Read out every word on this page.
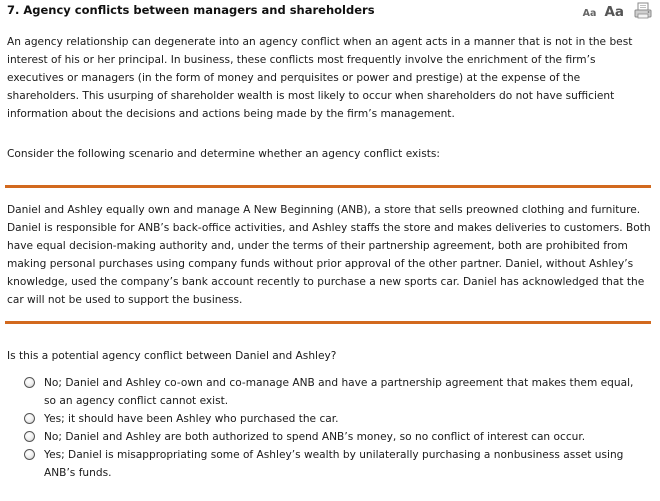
7. Agency conflicts between managers and shareholders	Aa Aa

An agency relationship can degenerate into an agency conflict when an agent acts in a manner that is not in the best interest of his or her principal. In business, these conflicts most frequently involve the enrichment of the firm’s executives or managers (in the form of money and perquisites or power and prestige) at the expense of the shareholders. This usurping of shareholder wealth is most likely to occur when shareholders do not have sufficient information about the decisions and actions being made by the firm’s management.

Consider the following scenario and determine whether an agency conflict exists:

Daniel and Ashley equally own and manage A New Beginning (ANB), a store that sells preowned clothing and furniture. Daniel is responsible for ANB’s back-office activities, and Ashley staffs the store and makes deliveries to customers. Both have equal decision-making authority and, under the terms of their partnership agreement, both are prohibited from making personal purchases using company funds without prior approval of the other partner. Daniel, without Ashley’s knowledge, used the company’s bank account recently to purchase a new sports car. Daniel has acknowledged that the car will not be used to support the business.

Is this a potential agency conflict between Daniel and Ashley?

No; Daniel and Ashley co-own and co-manage ANB and have a partnership agreement that makes them equal, so an agency conflict cannot exist.
Yes; it should have been Ashley who purchased the car.
No; Daniel and Ashley are both authorized to spend ANB’s money, so no conflict of interest can occur.
Yes; Daniel is misappropriating some of Ashley’s wealth by unilaterally purchasing a nonbusiness asset using ANB’s funds.
